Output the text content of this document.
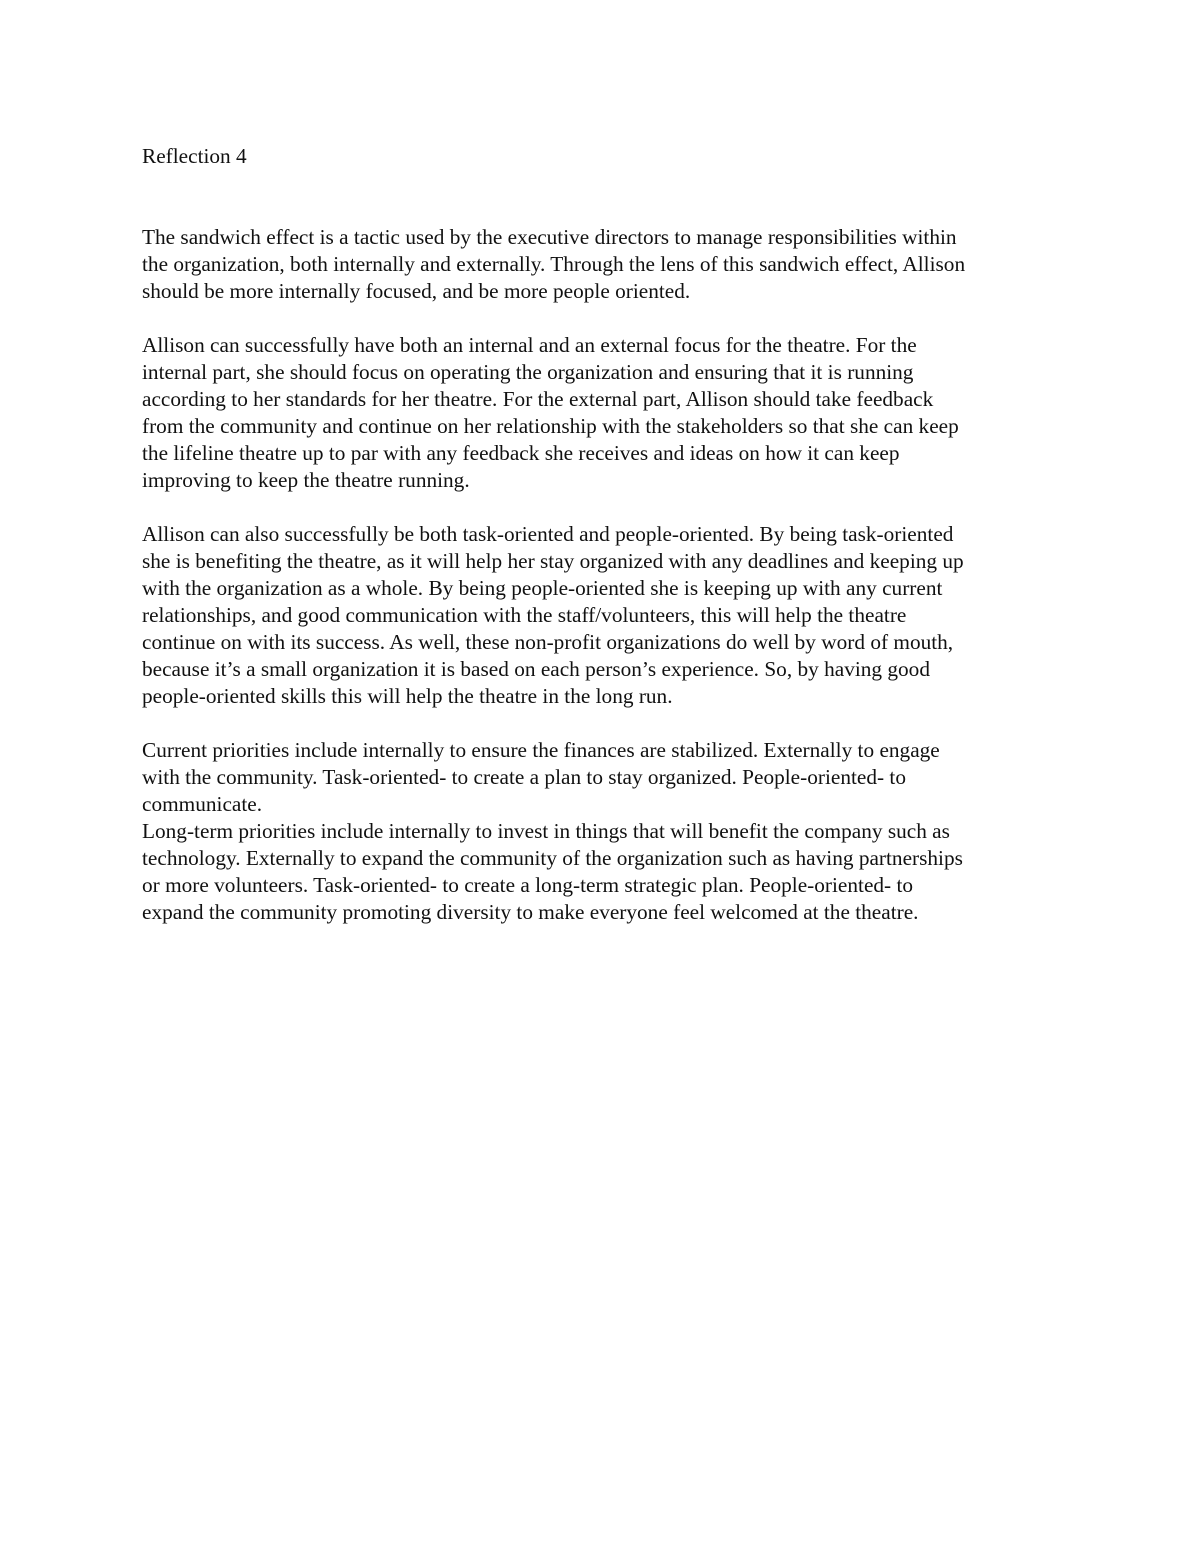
Reflection 4
The sandwich effect is a tactic used by the executive directors to manage responsibilities within
the organization, both internally and externally. Through the lens of this sandwich effect, Allison
should be more internally focused, and be more people oriented.
Allison can successfully have both an internal and an external focus for the theatre. For the
internal part, she should focus on operating the organization and ensuring that it is running
according to her standards for her theatre. For the external part, Allison should take feedback
from the community and continue on her relationship with the stakeholders so that she can keep
the lifeline theatre up to par with any feedback she receives and ideas on how it can keep
improving to keep the theatre running.
Allison can also successfully be both task-oriented and people-oriented. By being task-oriented
she is benefiting the theatre, as it will help her stay organized with any deadlines and keeping up
with the organization as a whole. By being people-oriented she is keeping up with any current
relationships, and good communication with the staff/volunteers, this will help the theatre
continue on with its success. As well, these non-profit organizations do well by word of mouth,
because it’s a small organization it is based on each person’s experience. So, by having good
people-oriented skills this will help the theatre in the long run.
Current priorities include internally to ensure the finances are stabilized. Externally to engage
with the community. Task-oriented- to create a plan to stay organized. People-oriented- to
communicate.
Long-term priorities include internally to invest in things that will benefit the company such as
technology. Externally to expand the community of the organization such as having partnerships
or more volunteers. Task-oriented- to create a long-term strategic plan. People-oriented- to
expand the community promoting diversity to make everyone feel welcomed at the theatre.
